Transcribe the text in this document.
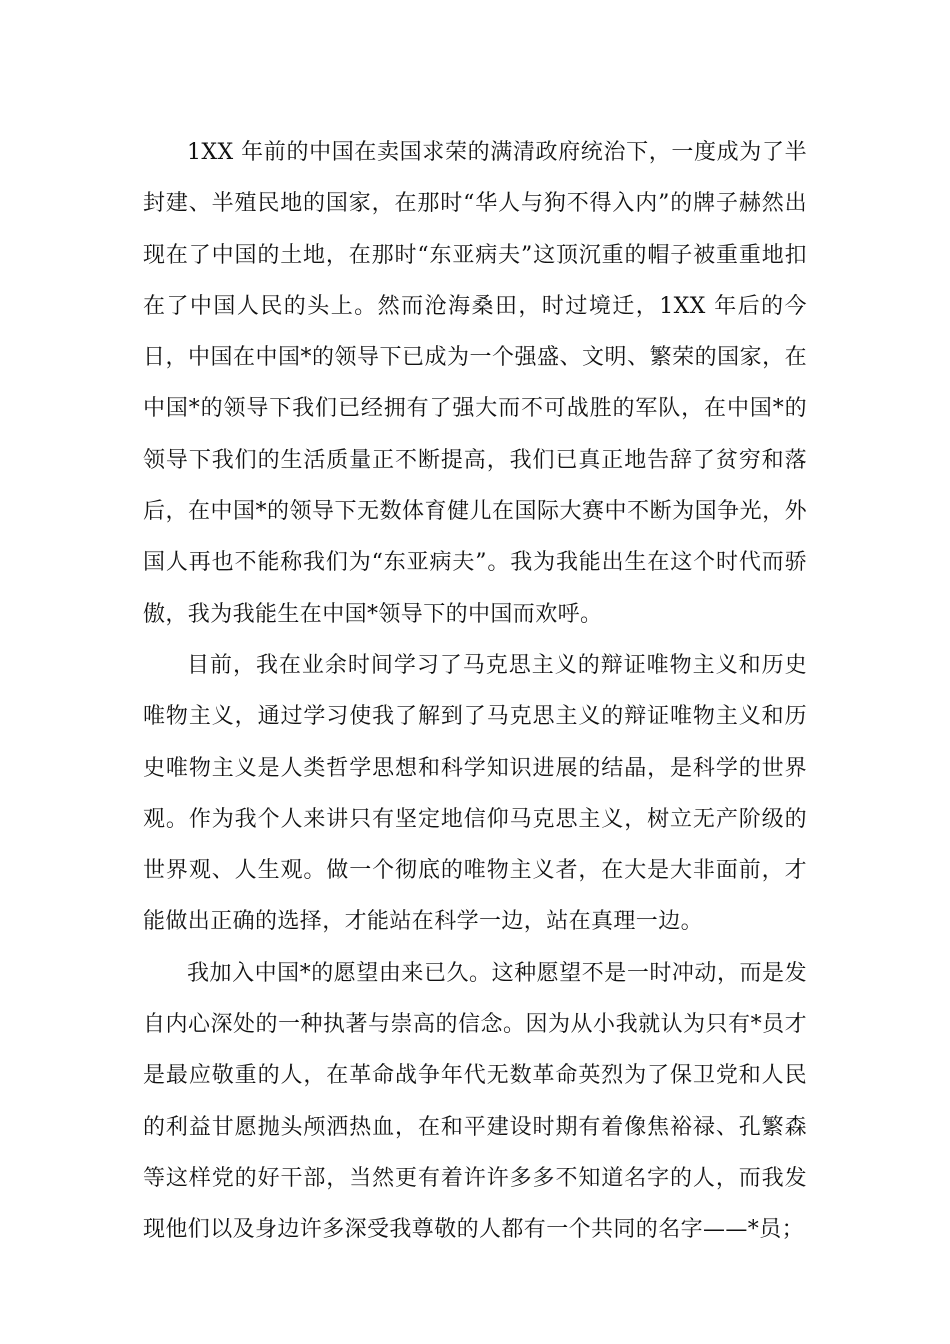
1XX 年前的中国在卖国求荣的满清政府统治下，一度成为了半封建、半殖民地的国家，在那时“华人与狗不得入内”的牌子赫然出现在了中国的土地，在那时“东亚病夫”这顶沉重的帽子被重重地扣在了中国人民的头上。然而沧海桑田，时过境迁，1XX 年后的今日，中国在中国*的领导下已成为一个强盛、文明、繁荣的国家，在中国*的领导下我们已经拥有了强大而不可战胜的军队，在中国*的领导下我们的生活质量正不断提高，我们已真正地告辞了贫穷和落后，在中国*的领导下无数体育健儿在国际大赛中不断为国争光，外国人再也不能称我们为“东亚病夫”。我为我能出生在这个时代而骄傲，我为我能生在中国*领导下的中国而欢呼。

目前，我在业余时间学习了马克思主义的辩证唯物主义和历史唯物主义，通过学习使我了解到了马克思主义的辩证唯物主义和历史唯物主义是人类哲学思想和科学知识进展的结晶，是科学的世界观。作为我个人来讲只有坚定地信仰马克思主义，树立无产阶级的世界观、人生观。做一个彻底的唯物主义者，在大是大非面前，才能做出正确的选择，才能站在科学一边，站在真理一边。

我加入中国*的愿望由来已久。这种愿望不是一时冲动，而是发自内心深处的一种执著与崇高的信念。因为从小我就认为只有*员才是最应敬重的人，在革命战争年代无数革命英烈为了保卫党和人民的利益甘愿抛头颅洒热血，在和平建设时期有着像焦裕禄、孔繁森等这样党的好干部，当然更有着许许多多不知道名字的人，而我发现他们以及身边许多深受我尊敬的人都有一个共同的名字——*员；
